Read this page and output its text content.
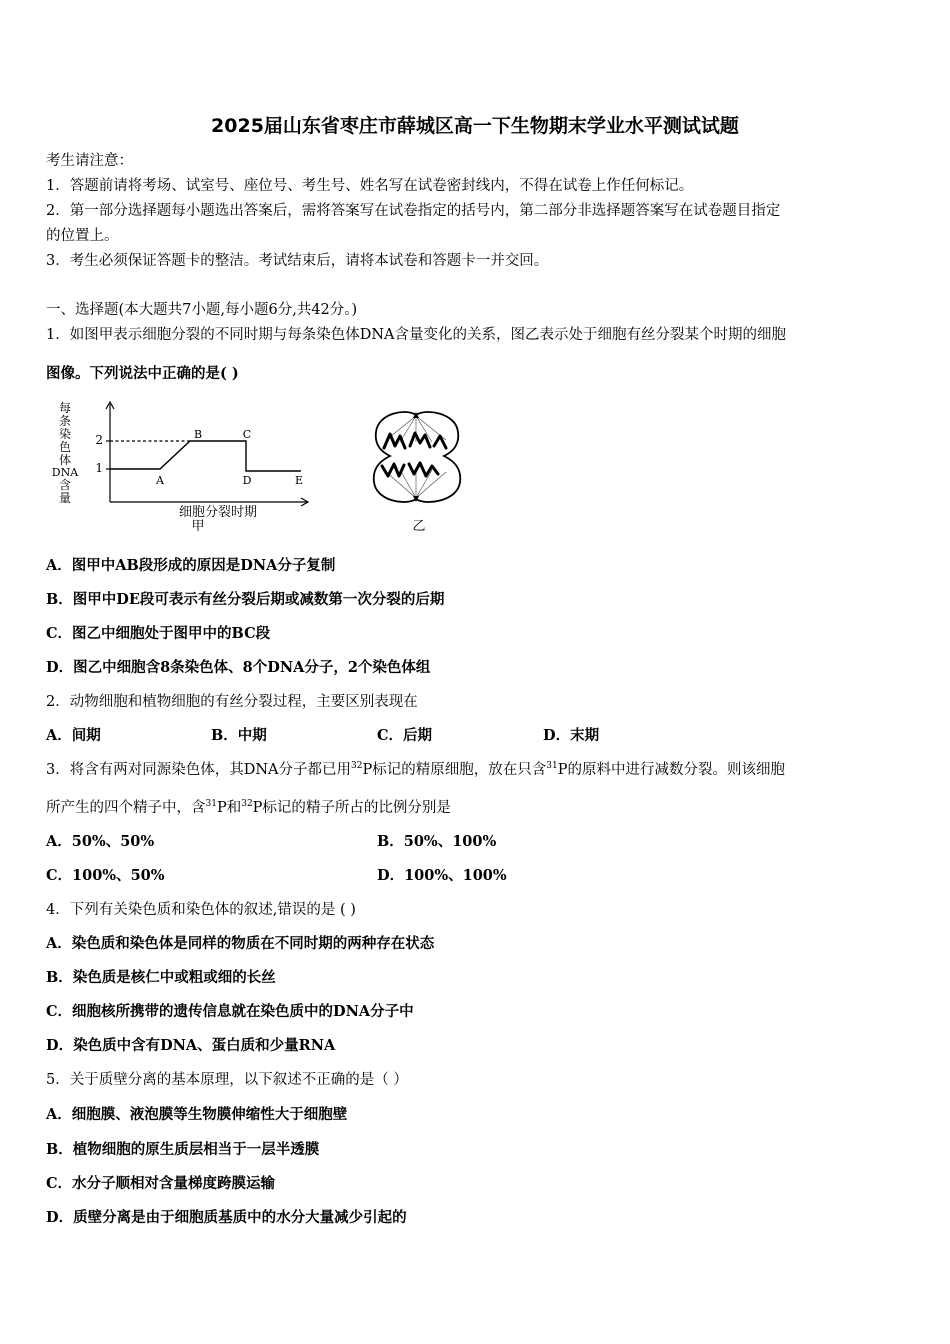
2025届山东省枣庄市薛城区高一下生物期末学业水平测试试题
考生请注意：
1．答题前请将考场、试室号、座位号、考生号、姓名写在试卷密封线内，不得在试卷上作任何标记。
2．第一部分选择题每小题选出答案后，需将答案写在试卷指定的括号内，第二部分非选择题答案写在试卷题目指定
的位置上。
3．考生必须保证答题卡的整洁。考试结束后，请将本试卷和答题卡一并交回。
一、选择题(本大题共7小题,每小题6分,共42分。)
1．如图甲表示细胞分裂的不同时期与每条染色体DNA含量变化的关系，图乙表示处于细胞有丝分裂某个时期的细胞
图像。下列说法中正确的是( )
每
条
染
色
体
DNA
含
量
2
1
A
B	C
D	E
细胞分裂时期
甲	乙
A．图甲中AB段形成的原因是DNA分子复制
B．图甲中DE段可表示有丝分裂后期或减数第一次分裂的后期
C．图乙中细胞处于图甲中的BC段
D．图乙中细胞含8条染色体、8个DNA分子，2个染色体组
2．动物细胞和植物细胞的有丝分裂过程，主要区别表现在
A．间期	B．中期	C．后期	D．末期
3．将含有两对同源染色体，其DNA分子都已用$^{32}$P标记的精原细胞，放在只含$^{31}$P的原料中进行减数分裂。则该细胞
所产生的四个精子中，含$^{31}$P和$^{32}$P标记的精子所占的比例分别是
A．50%、50%	B．50%、100%
C．100%、50%	D．100%、100%
4．下列有关染色质和染色体的叙述,错误的是 ( )
A．染色质和染色体是同样的物质在不同时期的两种存在状态
B．染色质是核仁中或粗或细的长丝
C．细胞核所携带的遗传信息就在染色质中的DNA分子中
D．染色质中含有DNA、蛋白质和少量RNA
5．关于质壁分离的基本原理，以下叙述不正确的是（ ）
A．细胞膜、液泡膜等生物膜伸缩性大于细胞壁
B．植物细胞的原生质层相当于一层半透膜
C．水分子顺相对含量梯度跨膜运输
D．质壁分离是由于细胞质基质中的水分大量减少引起的
